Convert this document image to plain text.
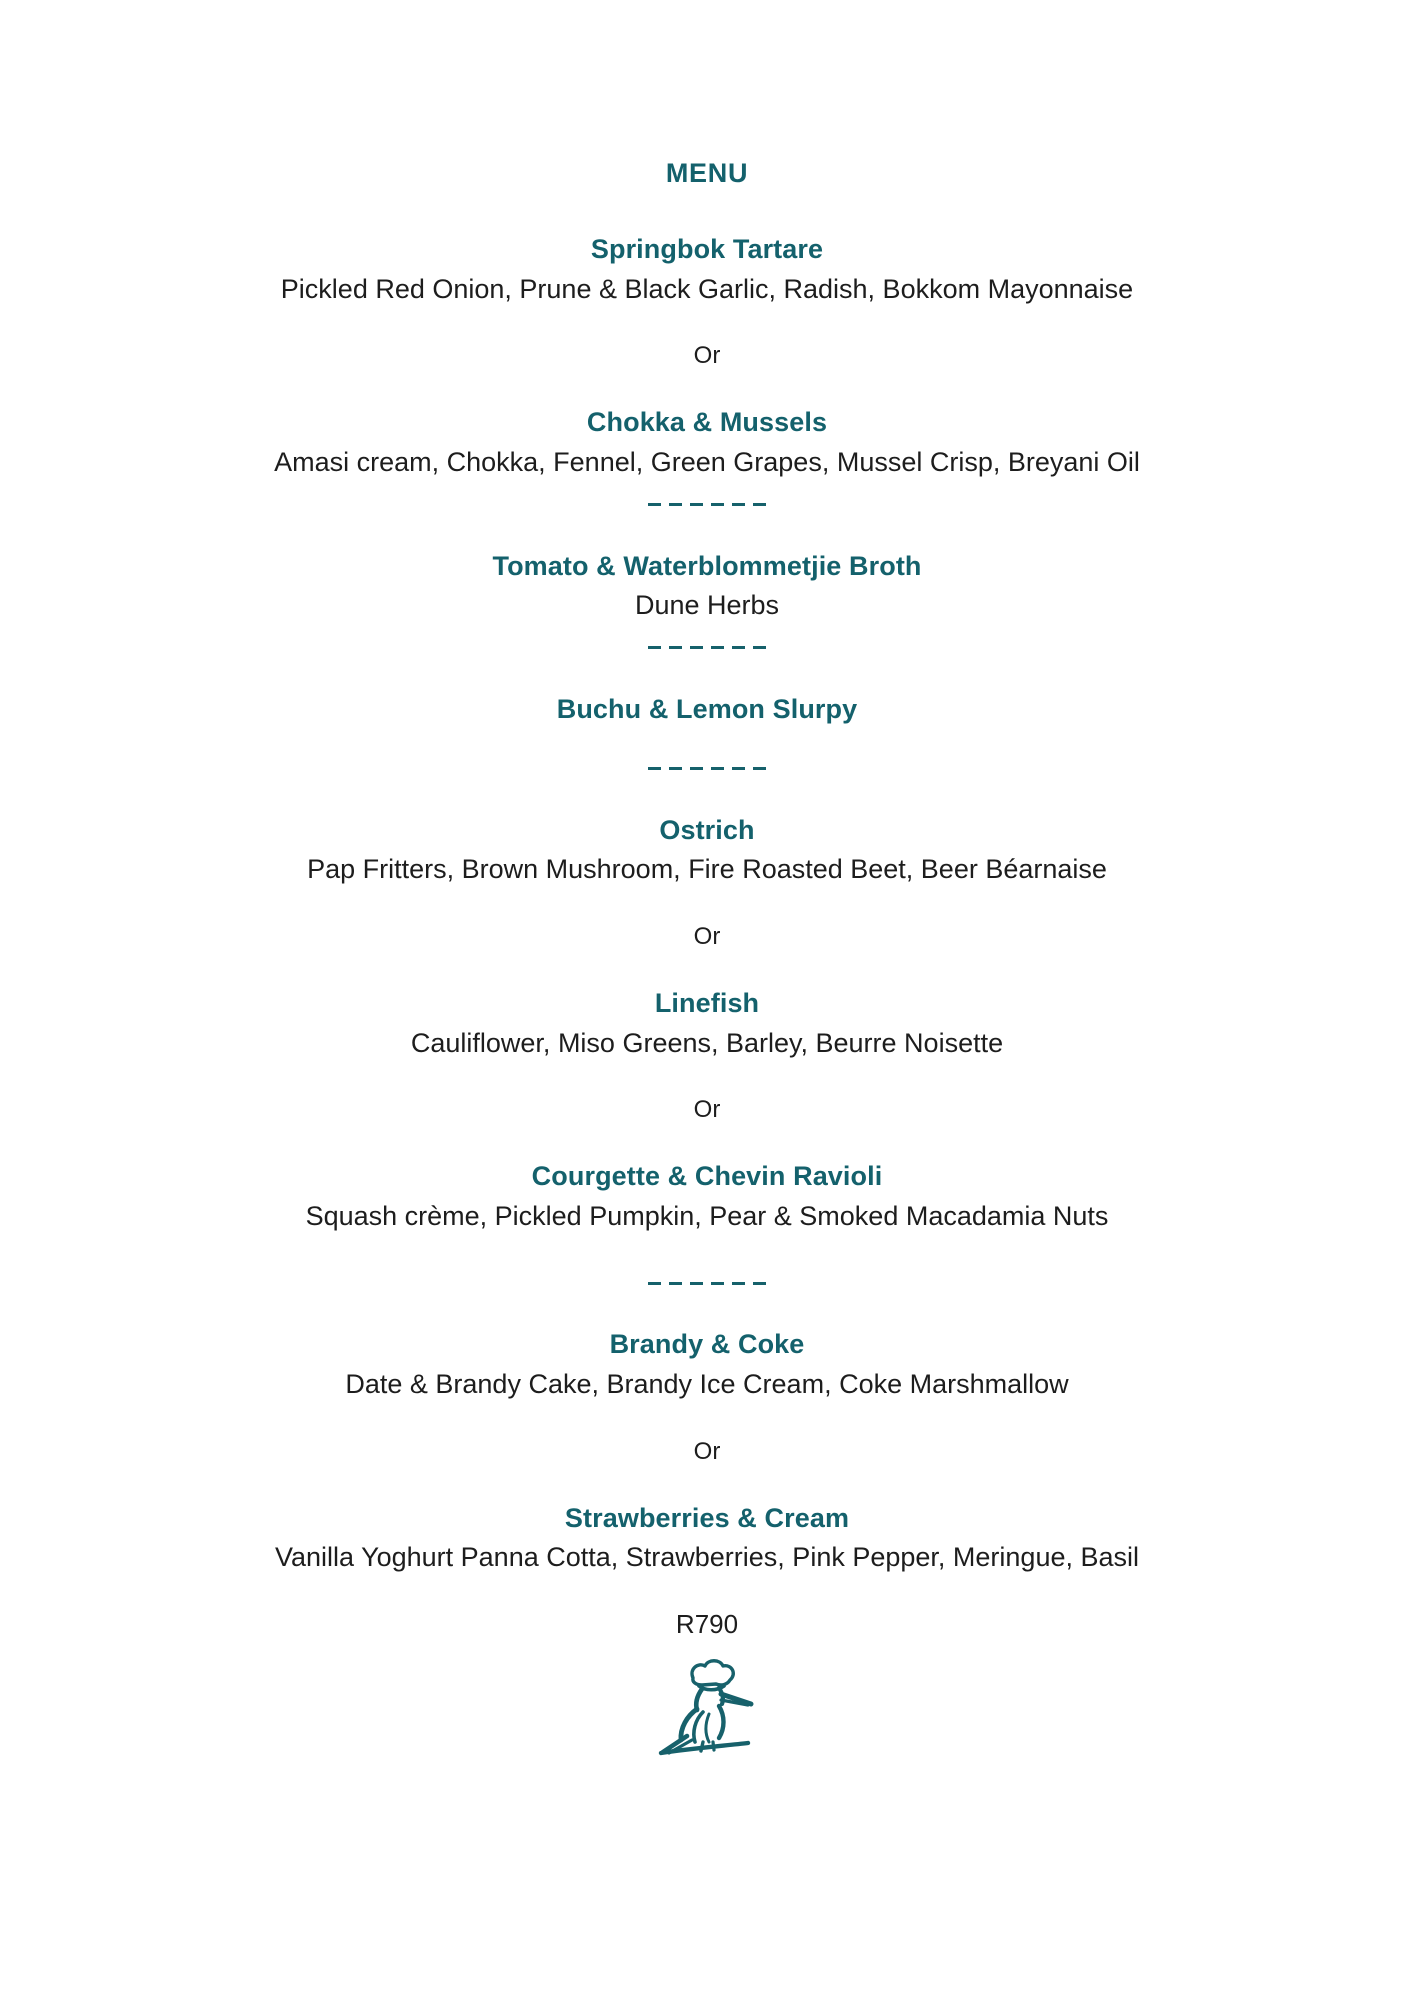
MENU

Springbok Tartare

Pickled Red Onion, Prune & Black Garlic, Radish, Bokkom Mayonnaise

Or

Chokka & Mussels

Amasi cream, Chokka, Fennel, Green Grapes, Mussel Crisp, Breyani Oil

Tomato & Waterblommetjie Broth

Dune Herbs

Buchu & Lemon Slurpy

Ostrich

Pap Fritters, Brown Mushroom, Fire Roasted Beet, Beer Béarnaise

Or

Linefish

Cauliflower, Miso Greens, Barley, Beurre Noisette

Or

Courgette & Chevin Ravioli

Squash crème, Pickled Pumpkin, Pear & Smoked Macadamia Nuts

Brandy & Coke

Date & Brandy Cake, Brandy Ice Cream, Coke Marshmallow

Or

Strawberries & Cream

Vanilla Yoghurt Panna Cotta, Strawberries, Pink Pepper, Meringue, Basil

R790
